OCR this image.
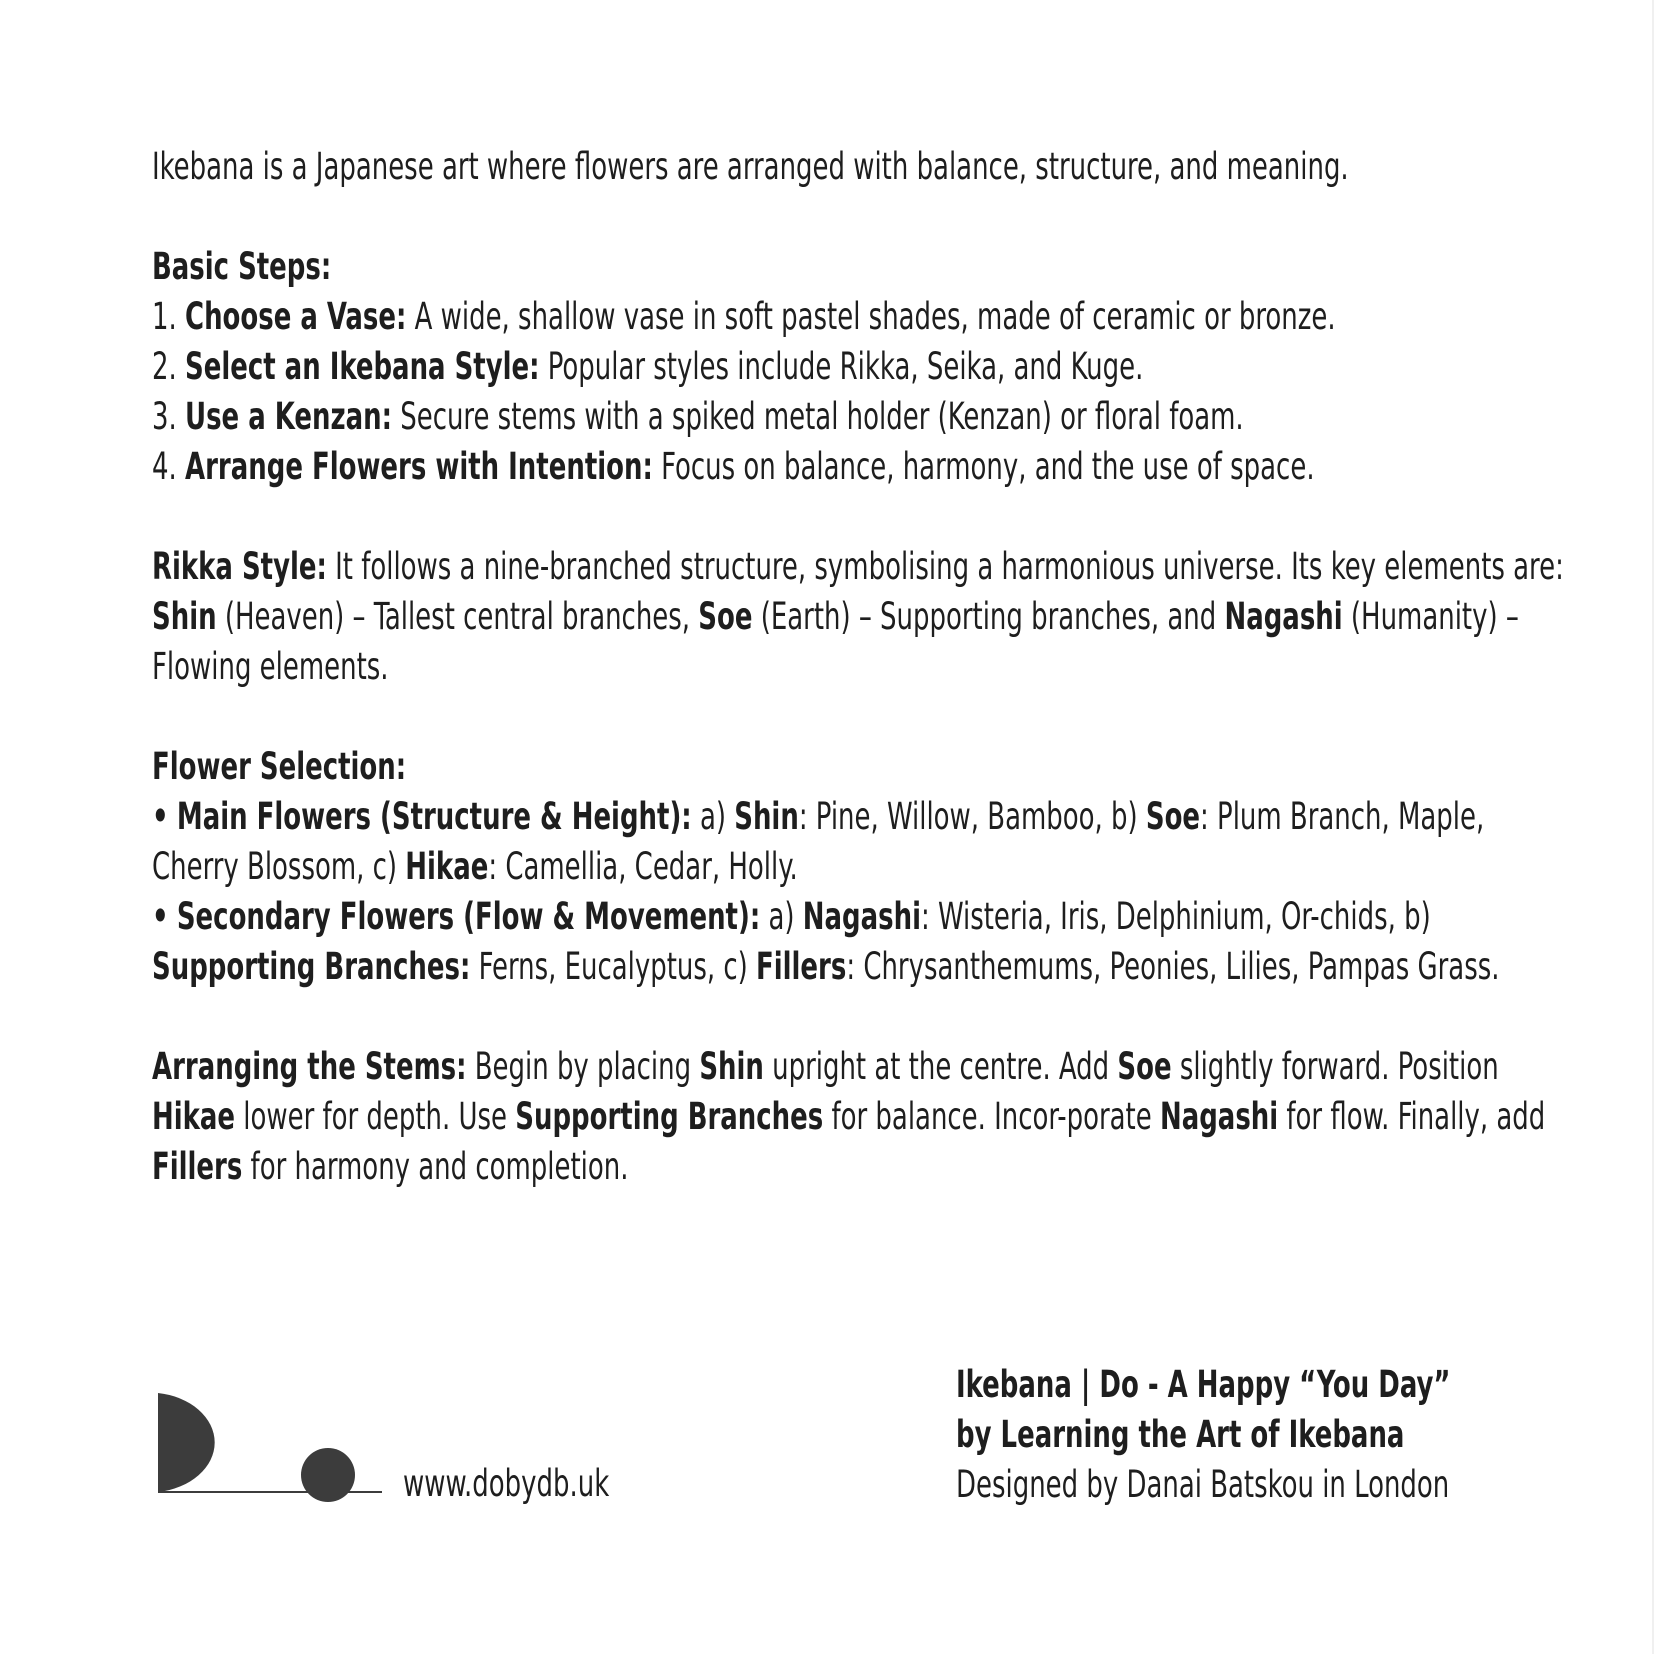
Ikebana is a Japanese art where flowers are arranged with balance, structure, and meaning.

Basic Steps:

1. Choose a Vase: A wide, shallow vase in soft pastel shades, made of ceramic or bronze.

2. Select an Ikebana Style: Popular styles include Rikka, Seika, and Kuge.

3. Use a Kenzan: Secure stems with a spiked metal holder (Kenzan) or floral foam.

4. Arrange Flowers with Intention: Focus on balance, harmony, and the use of space.

Rikka Style: It follows a nine-branched structure, symbolising a harmonious universe. Its key elements are: Shin (Heaven) – Tallest central branches, Soe (Earth) – Supporting branches, and Nagashi (Humanity) – Flowing elements.

Flower Selection:

• Main Flowers (Structure & Height): a) Shin: Pine, Willow, Bamboo, b) Soe: Plum Branch, Maple, Cherry Blossom, c) Hikae: Camellia, Cedar, Holly.

• Secondary Flowers (Flow & Movement): a) Nagashi: Wisteria, Iris, Delphinium, Or-chids, b) Supporting Branches: Ferns, Eucalyptus, c) Fillers: Chrysanthemums, Peonies, Lilies, Pampas Grass.

Arranging the Stems: Begin by placing Shin upright at the centre. Add Soe slightly forward. Position Hikae lower for depth. Use Supporting Branches for balance. Incor-porate Nagashi for flow. Finally, add Fillers for harmony and completion.

www.dobydb.uk

Ikebana | Do - A Happy “You Day”

by Learning the Art of Ikebana

Designed by Danai Batskou in London
